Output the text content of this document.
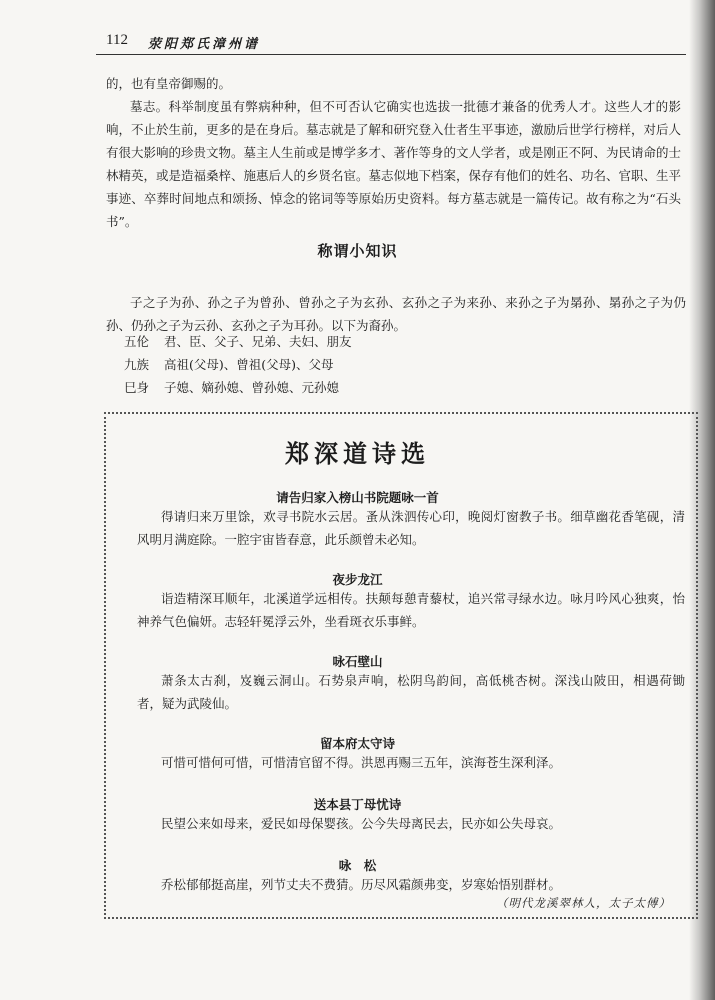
112 荥阳郑氏漳州谱

的，也有皇帝御赐的。

墓志。科举制度虽有弊病种种，但不可否认它确实也选拔一批德才兼备的优秀人才。这些人才的影响，不止於生前，更多的是在身后。墓志就是了解和研究登入仕者生平事迹，激励后世学行榜样，对后人有很大影响的珍贵文物。墓主人生前或是博学多才、著作等身的文人学者，或是刚正不阿、为民请命的士林精英，或是造福桑梓、施惠后人的乡贤名宦。墓志似地下档案，保存有他们的姓名、功名、官职、生平事迹、卒葬时间地点和颂扬、悼念的铭词等等原始历史资料。每方墓志就是一篇传记。故有称之为“石头书”。

称谓小知识

子之子为孙、孙之子为曾孙、曾孙之子为玄孙、玄孙之子为来孙、来孙之子为晜孙、晜孙之子为仍孙、仍孙之子为云孙、玄孙之子为耳孙。以下为裔孙。

五伦 君、臣、父子、兄弟、夫妇、朋友
九族 高祖(父母)、曾祖(父母)、父母
巳身 子媳、嫡孙媳、曾孙媳、元孙媳
郑深道诗选
请告归家入榜山书院题咏一首

得请归来万里馀，欢寻书院水云居。蚤从洙泗传心印，晚阅灯窗教子书。细草幽花香笔砚，清风明月满庭除。一腔宇宙皆春意，此乐颜曾未必知。

夜步龙江

诣造精深耳顺年，北溪道学远相传。扶颠每憩青藜杖，追兴常寻绿水边。咏月吟风心独爽，怡神养气色偏妍。志轻轩冕浮云外，坐看斑衣乐事鲜。

咏石壁山

萧条太古刹，岌巍云洞山。石势泉声响，松阴鸟韵间，高低桃杏树。深浅山陂田，相遇荷锄者，疑为武陵仙。

留本府太守诗

可惜可惜何可惜，可惜清官留不得。洪恩再赐三五年，滨海苍生深利泽。

送本县丁母忧诗

民望公来如母来，爱民如母保婴孩。公今失母离民去，民亦如公失母哀。

咏　松

乔松郁郁挺高崖，列节丈夫不费猜。历尽风霜颜弗变，岁寒始悟别群材。

（明代龙溪翠林人，太子太傅）
